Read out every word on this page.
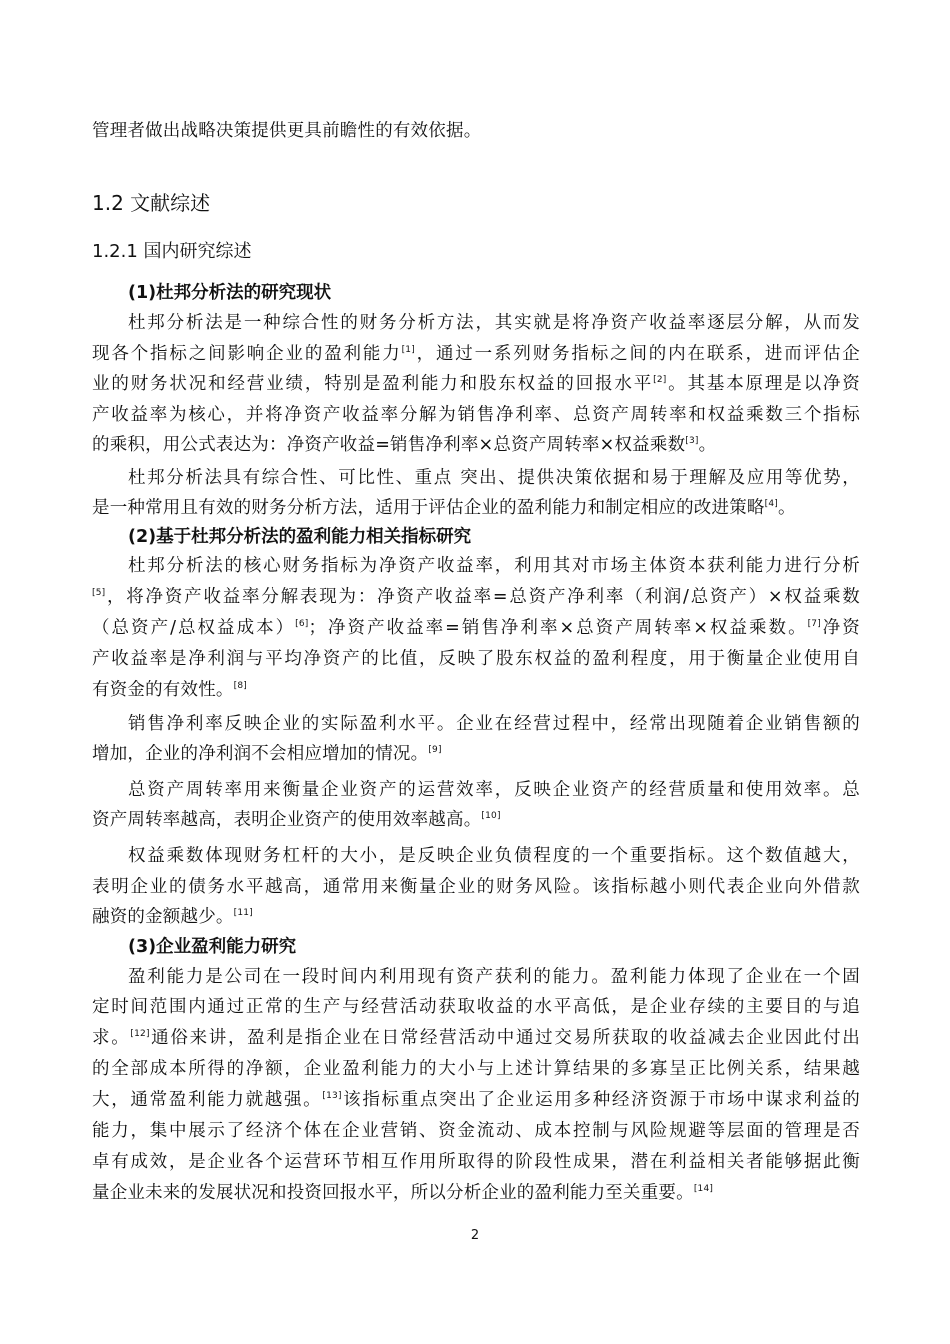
1.2 文献综述
1.2.1 国内研究综述
(1)杜邦分析法的研究现状
(2)基于杜邦分析法的盈利能力相关指标研究
(3)企业盈利能力研究
管理者做出战略决策提供更具前瞻性的有效依据。
杜邦分析法是一种综合性的财务分析方法，其实就是将净资产收益率逐层分解，从而发
现各个指标之间影响企业的盈利能力[1]，通过一系列财务指标之间的内在联系，进而评估企
业的财务状况和经营业绩，特别是盈利能力和股东权益的回报水平[2]。其基本原理是以净资
产收益率为核心，并将净资产收益率分解为销售净利率、总资产周转率和权益乘数三个指标
的乘积，用公式表达为：净资产收益=销售净利率×总资产周转率×权益乘数[3]。
杜邦分析法具有综合性、可比性、重点 突出、提供决策依据和易于理解及应用等优势，
是一种常用且有效的财务分析方法，适用于评估企业的盈利能力和制定相应的改进策略[4]。
杜邦分析法的核心财务指标为净资产收益率，利用其对市场主体资本获利能力进行分析
[5]，将净资产收益率分解表现为：净资产收益率=总资产净利率（利润/总资产）×权益乘数
（总资产/总权益成本）[6]；净资产收益率=销售净利率×总资产周转率×权益乘数。[7]净资
产收益率是净利润与平均净资产的比值，反映了股东权益的盈利程度，用于衡量企业使用自
有资金的有效性。[8]
销售净利率反映企业的实际盈利水平。企业在经营过程中，经常出现随着企业销售额的
增加，企业的净利润不会相应增加的情况。[9]
总资产周转率用来衡量企业资产的运营效率，反映企业资产的经营质量和使用效率。总
资产周转率越高，表明企业资产的使用效率越高。[10]
权益乘数体现财务杠杆的大小，是反映企业负债程度的一个重要指标。这个数值越大，
表明企业的债务水平越高，通常用来衡量企业的财务风险。该指标越小则代表企业向外借款
融资的金额越少。[11]
盈利能力是公司在一段时间内利用现有资产获利的能力。盈利能力体现了企业在一个固
定时间范围内通过正常的生产与经营活动获取收益的水平高低，是企业存续的主要目的与追
求。[12]通俗来讲，盈利是指企业在日常经营活动中通过交易所获取的收益减去企业因此付出
的全部成本所得的净额，企业盈利能力的大小与上述计算结果的多寡呈正比例关系，结果越
大，通常盈利能力就越强。[13]该指标重点突出了企业运用多种经济资源于市场中谋求利益的
能力，集中展示了经济个体在企业营销、资金流动、成本控制与风险规避等层面的管理是否
卓有成效，是企业各个运营环节相互作用所取得的阶段性成果，潜在利益相关者能够据此衡
量企业未来的发展状况和投资回报水平，所以分析企业的盈利能力至关重要。[14]
2
